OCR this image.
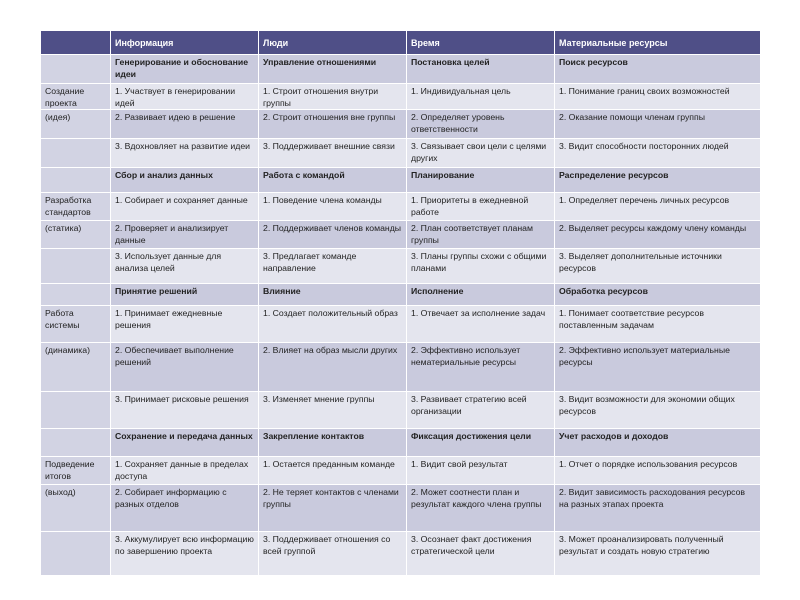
	Информация	Люди	Время	Материальные ресурсы
	Генерирование и обоснование идеи	Управление отношениями	Постановка целей	Поиск ресурсов
Создание проекта	1. Участвует в генерировании идей	1. Строит отношения внутри группы	1. Индивидуальная цель	1. Понимание границ своих возможностей
(идея)	2. Развивает идею в решение	2. Строит отношения вне группы	2. Определяет уровень ответственности	2. Оказание помощи членам группы
	3. Вдохновляет на развитие идеи	3. Поддерживает внешние связи	3. Связывает свои цели с целями других	3. Видит способности посторонних людей
	Сбор и анализ данных	Работа с командой	Планирование	Распределение ресурсов
Разработка стандартов	1. Собирает и сохраняет данные	1. Поведение члена команды	1. Приоритеты в ежедневной работе	1. Определяет перечень личных ресурсов
(статика)	2. Проверяет и анализирует данные	2. Поддерживает членов команды	2. План соответствует планам группы	2. Выделяет ресурсы каждому члену команды
	3. Использует данные для анализа целей	3. Предлагает команде направление	3. Планы группы схожи с общими планами	3. Выделяет дополнительные источники ресурсов
	Принятие решений	Влияние	Исполнение	Обработка ресурсов
Работа системы	1. Принимает ежедневные решения	1. Создает положительный образ	1. Отвечает за исполнение задач	1. Понимает соответствие ресурсов поставленным задачам
(динамика)	2. Обеспечивает выполнение решений	2. Влияет на образ мысли других	2. Эффективно использует нематериальные ресурсы	2. Эффективно использует материальные ресурсы
	3. Принимает рисковые решения	3. Изменяет мнение группы	3. Развивает стратегию всей организации	3. Видит возможности для экономии общих ресурсов
	Сохранение и передача данных	Закрепление контактов	Фиксация достижения цели	Учет расходов и доходов
Подведение итогов	1. Сохраняет данные в пределах доступа	1. Остается преданным команде	1. Видит свой результат	1. Отчет о порядке использования ресурсов
(выход)	2. Собирает информацию с разных отделов	2. Не теряет контактов с членами группы	2. Может соотнести план и результат каждого члена группы	2. Видит зависимость расходования ресурсов на разных этапах проекта
	3. Аккумулирует всю информацию по завершению проекта	3. Поддерживает отношения со всей группой	3. Осознает факт достижения стратегической цели	3. Может проанализировать полученный результат и создать новую стратегию
